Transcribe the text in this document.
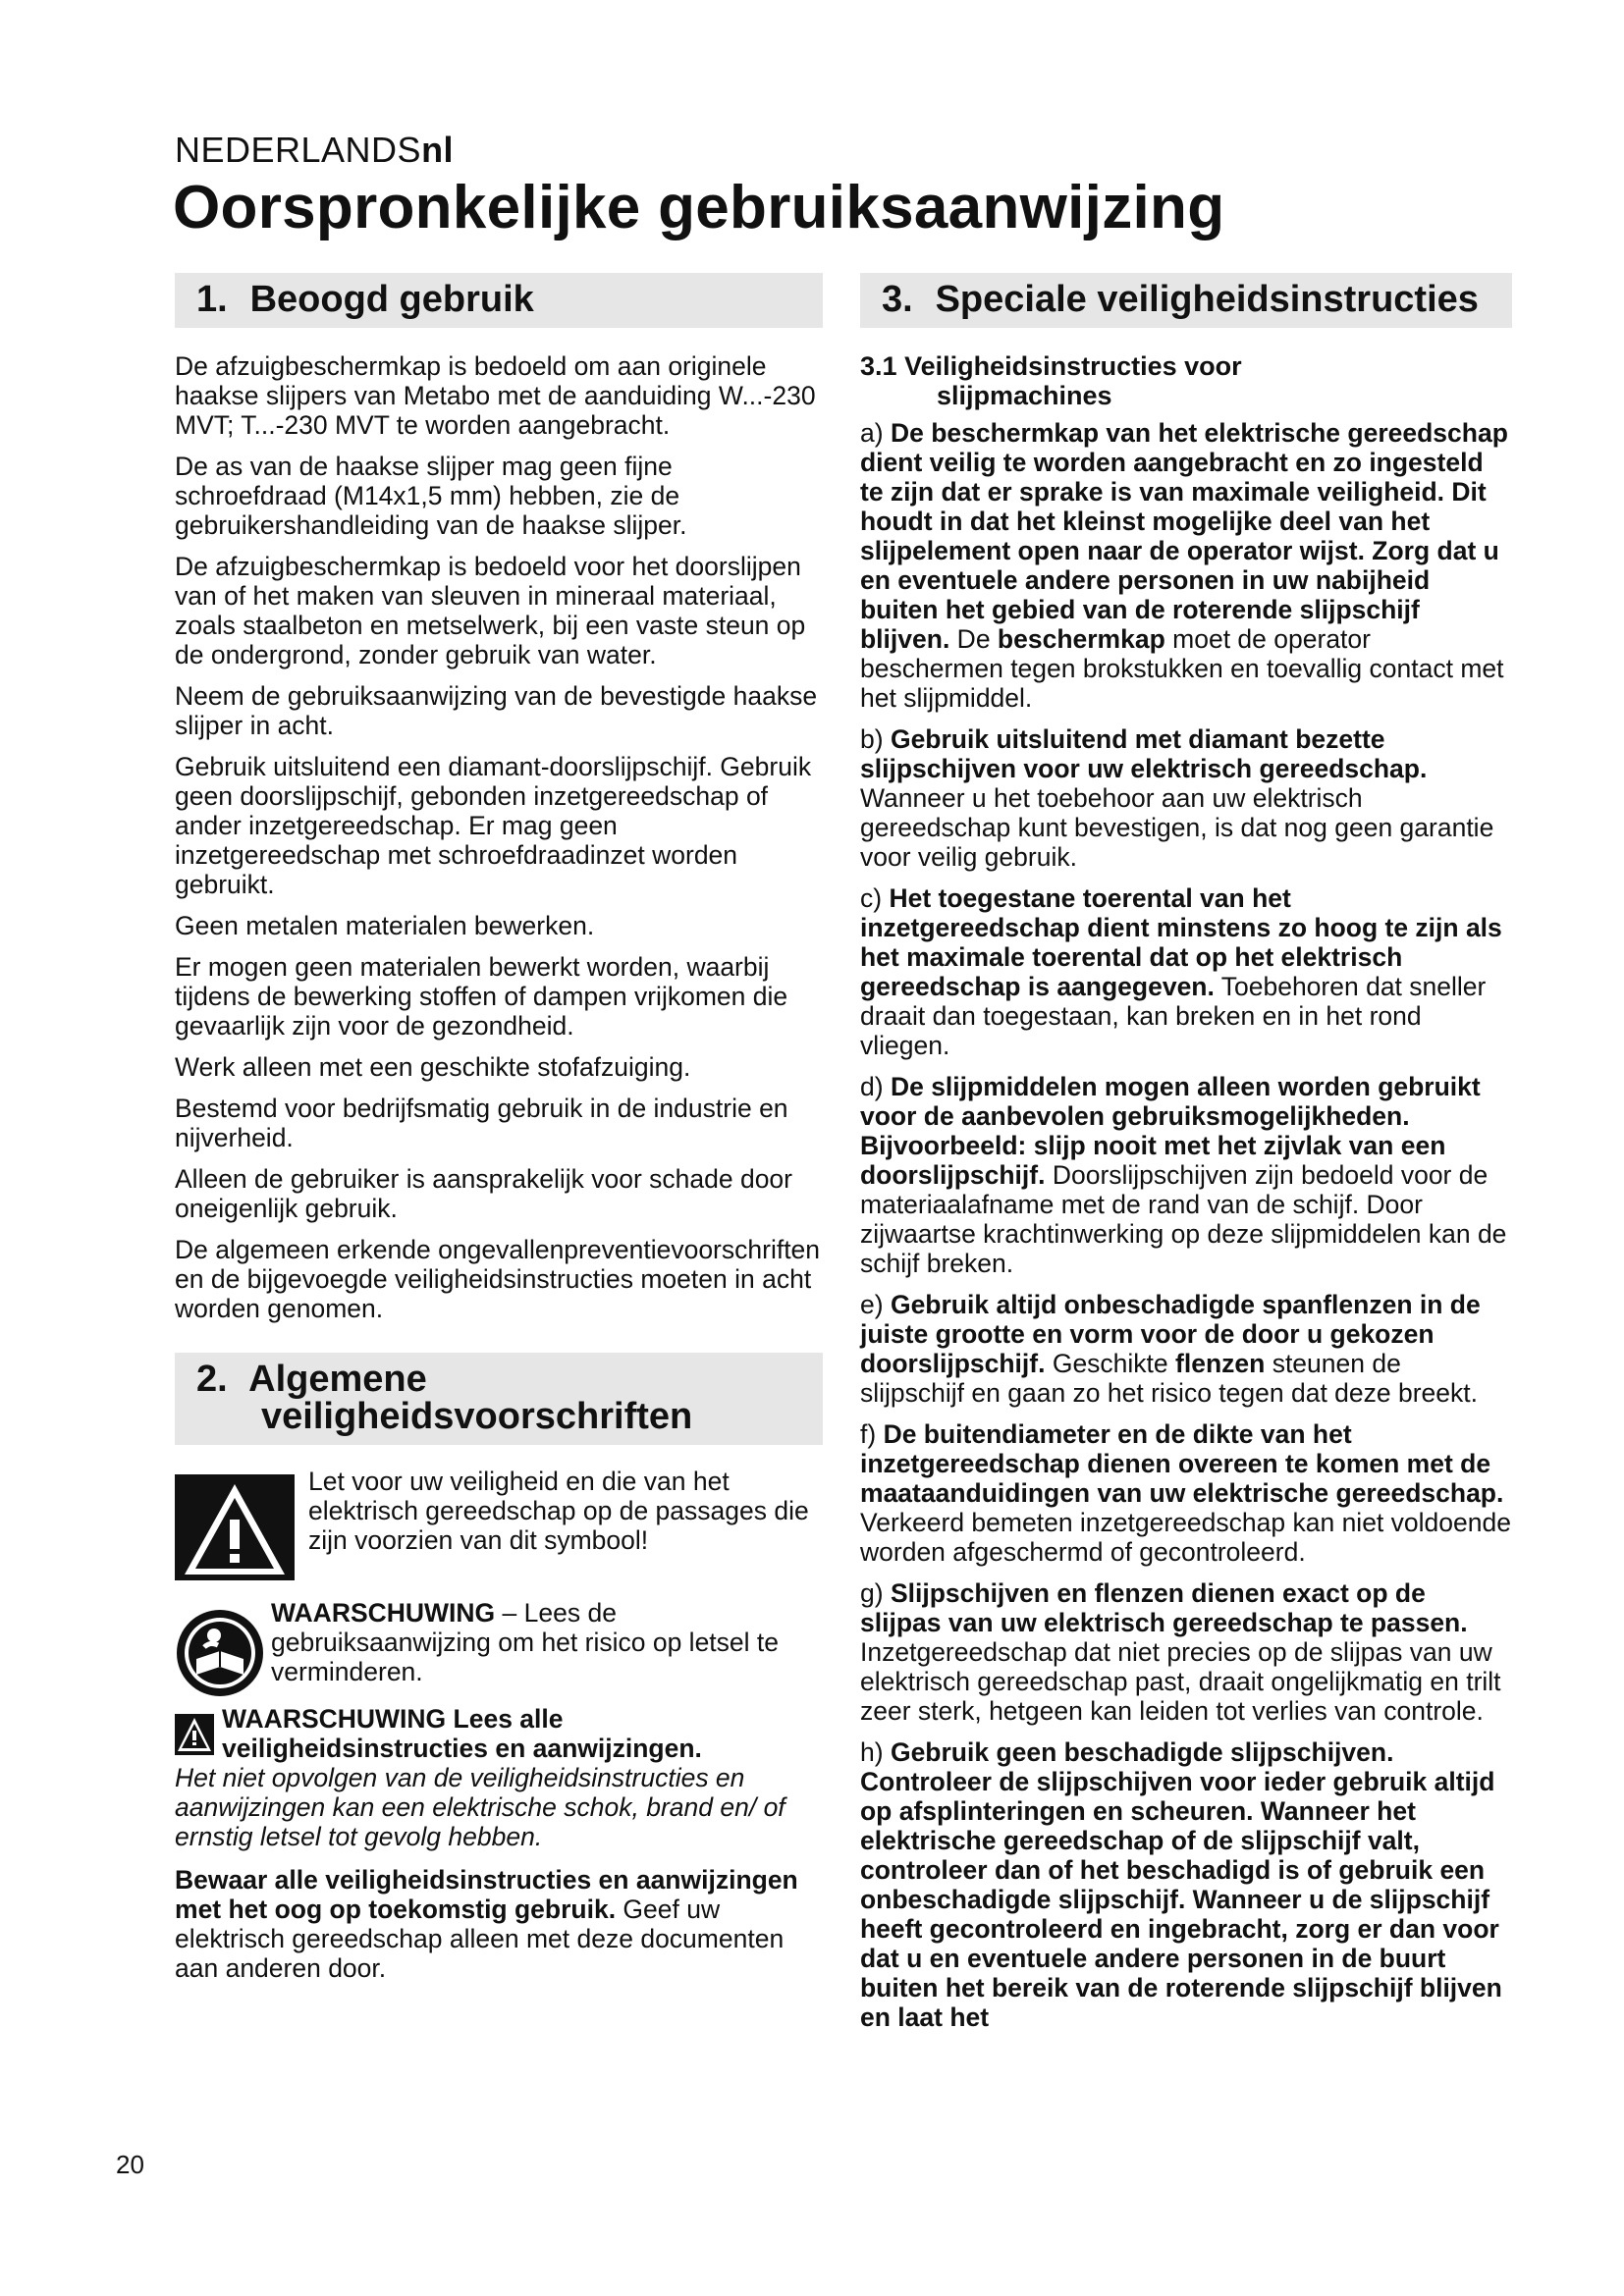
NEDERLANDSnl
Oorspronkelijke gebruiksaanwijzing
1. Beoogd gebruik

De afzuigbeschermkap is bedoeld om aan originele haakse slijpers van Metabo met de aanduiding W...-230 MVT; T...-230 MVT te worden aangebracht.

De as van de haakse slijper mag geen fijne schroefdraad (M14x1,5 mm) hebben, zie de gebruikershandleiding van de haakse slijper.

De afzuigbeschermkap is bedoeld voor het doorslijpen van of het maken van sleuven in mineraal materiaal, zoals staalbeton en metselwerk, bij een vaste steun op de ondergrond, zonder gebruik van water.

Neem de gebruiksaanwijzing van de bevestigde haakse slijper in acht.

Gebruik uitsluitend een diamant-doorslijpschijf. Gebruik geen doorslijpschijf, gebonden inzetgereedschap of ander inzetgereedschap. Er mag geen inzetgereedschap met schroefdraadinzet worden gebruikt.

Geen metalen materialen bewerken.

Er mogen geen materialen bewerkt worden, waarbij tijdens de bewerking stoffen of dampen vrijkomen die gevaarlijk zijn voor de gezondheid.

Werk alleen met een geschikte stofafzuiging.

Bestemd voor bedrijfsmatig gebruik in de industrie en nijverheid.

Alleen de gebruiker is aansprakelijk voor schade door oneigenlijk gebruik.

De algemeen erkende ongevallenpreventievoorschriften en de bijgevoegde veiligheidsinstructies moeten in acht worden genomen.

2. Algemene
veiligheidsvoorschriften

Let voor uw veiligheid en die van het elektrisch gereedschap op de passages die zijn voorzien van dit symbool!

WAARSCHUWING – Lees de gebruiksaanwijzing om het risico op letsel te verminderen.

WAARSCHUWING Lees alle veiligheidsinstructies en aanwijzingen.

Het niet opvolgen van de veiligheidsinstructies en aanwijzingen kan een elektrische schok, brand en/ of ernstig letsel tot gevolg hebben.

Bewaar alle veiligheidsinstructies en aanwijzingen met het oog op toekomstig gebruik. Geef uw elektrisch gereedschap alleen met deze documenten aan anderen door.

3. Speciale veiligheidsinstructies
3.1 Veiligheidsinstructies voor
slijpmachines

a) De beschermkap van het elektrische gereedschap dient veilig te worden aangebracht en zo ingesteld te zijn dat er sprake is van maximale veiligheid. Dit houdt in dat het kleinst mogelijke deel van het slijpelement open naar de operator wijst. Zorg dat u en eventuele andere personen in uw nabijheid buiten het gebied van de roterende slijpschijf blijven. De beschermkap moet de operator beschermen tegen brokstukken en toevallig contact met het slijpmiddel.

b) Gebruik uitsluitend met diamant bezette slijpschijven voor uw elektrisch gereedschap. Wanneer u het toebehoor aan uw elektrisch gereedschap kunt bevestigen, is dat nog geen garantie voor veilig gebruik.

c) Het toegestane toerental van het inzetgereedschap dient minstens zo hoog te zijn als het maximale toerental dat op het elektrisch gereedschap is aangegeven. Toebehoren dat sneller draait dan toegestaan, kan breken en in het rond vliegen.

d) De slijpmiddelen mogen alleen worden gebruikt voor de aanbevolen gebruiksmogelijkheden. Bijvoorbeeld: slijp nooit met het zijvlak van een doorslijpschijf. Doorslijpschijven zijn bedoeld voor de materiaalafname met de rand van de schijf. Door zijwaartse krachtinwerking op deze slijpmiddelen kan de schijf breken.

e) Gebruik altijd onbeschadigde spanflenzen in de juiste grootte en vorm voor de door u gekozen doorslijpschijf. Geschikte flenzen steunen de slijpschijf en gaan zo het risico tegen dat deze breekt.

f) De buitendiameter en de dikte van het inzetgereedschap dienen overeen te komen met de maataanduidingen van uw elektrische gereedschap. Verkeerd bemeten inzetgereedschap kan niet voldoende worden afgeschermd of gecontroleerd.

g) Slijpschijven en flenzen dienen exact op de slijpas van uw elektrisch gereedschap te passen. Inzetgereedschap dat niet precies op de slijpas van uw elektrisch gereedschap past, draait ongelijkmatig en trilt zeer sterk, hetgeen kan leiden tot verlies van controle.

h) Gebruik geen beschadigde slijpschijven. Controleer de slijpschijven voor ieder gebruik altijd op afsplinteringen en scheuren. Wanneer het elektrische gereedschap of de slijpschijf valt, controleer dan of het beschadigd is of gebruik een onbeschadigde slijpschijf. Wanneer u de slijpschijf heeft gecontroleerd en ingebracht, zorg er dan voor dat u en eventuele andere personen in de buurt buiten het bereik van de roterende slijpschijf blijven en laat het

20
